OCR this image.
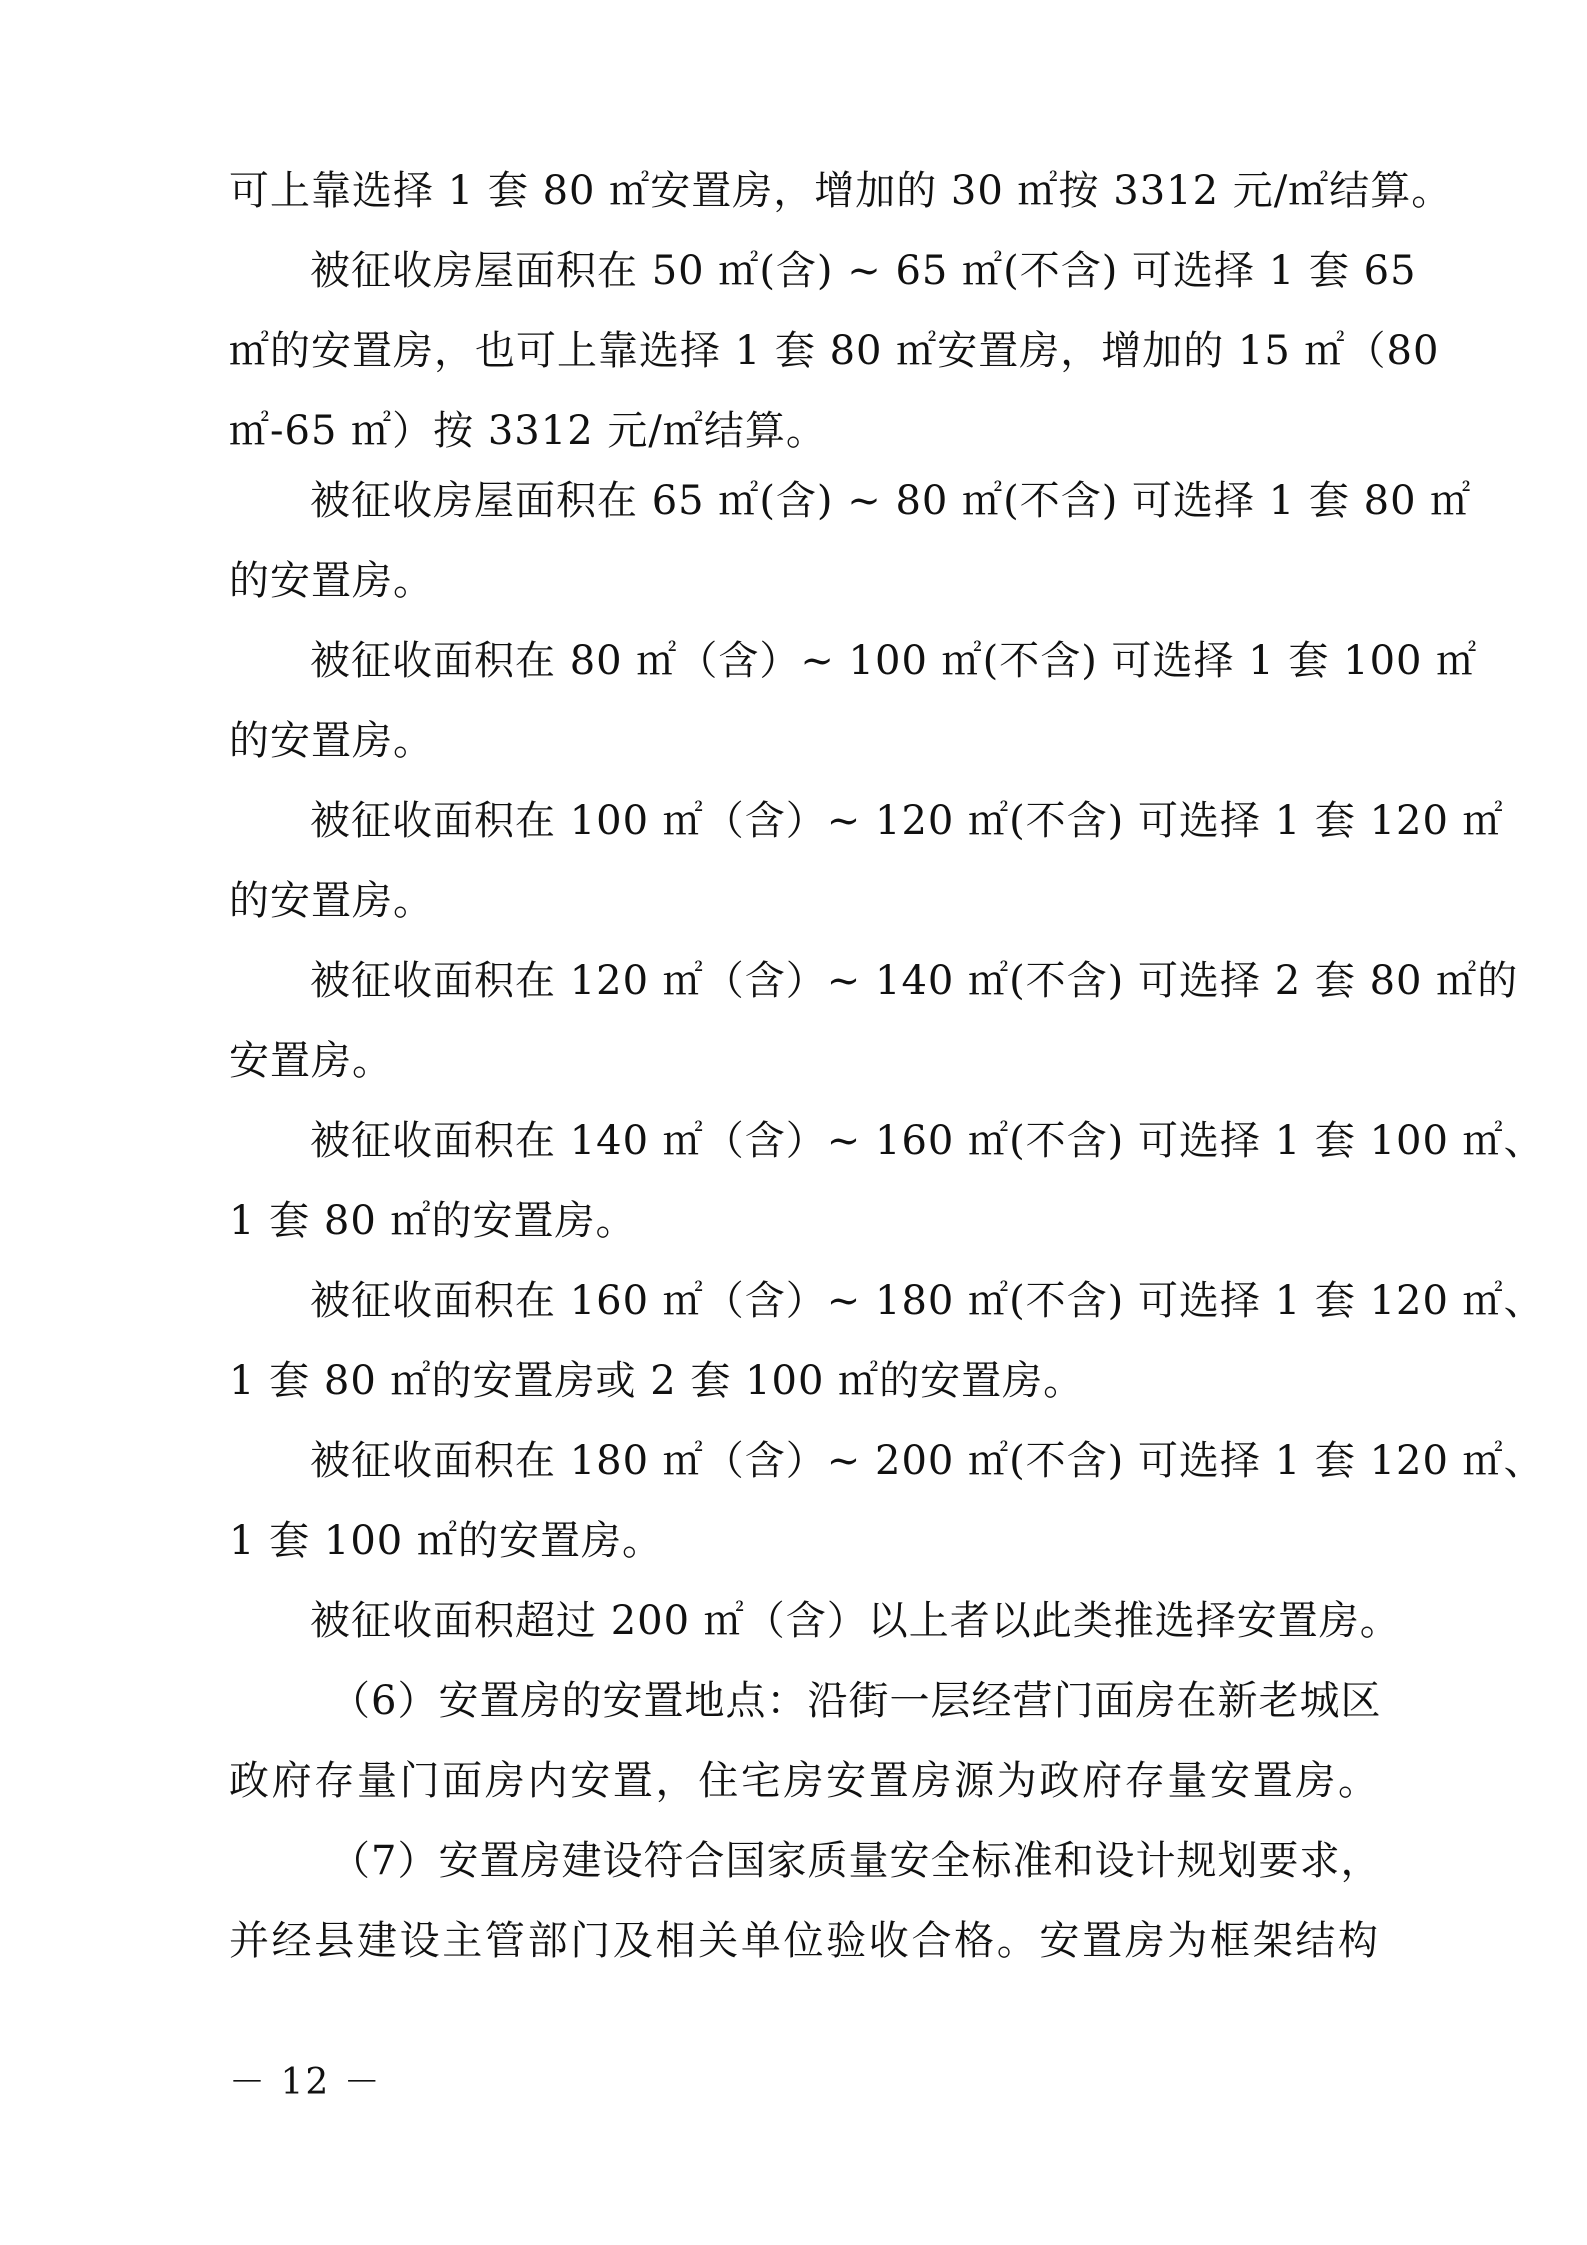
可上靠选择 1 套 80 ㎡安置房，增加的 30 ㎡按 3312 元/㎡结算。
被征收房屋面积在 50 ㎡(含) ~ 65 ㎡(不含) 可选择 1 套 65
㎡的安置房，也可上靠选择 1 套 80 ㎡安置房，增加的 15 ㎡（80
㎡-65 ㎡）按 3312 元/㎡结算。
被征收房屋面积在 65 ㎡(含) ~ 80 ㎡(不含) 可选择 1 套 80 ㎡
的安置房。
被征收面积在 80 ㎡（含）~ 100 ㎡(不含) 可选择 1 套 100 ㎡
的安置房。
被征收面积在 100 ㎡（含）~ 120 ㎡(不含) 可选择 1 套 120 ㎡
的安置房。
被征收面积在 120 ㎡（含）~ 140 ㎡(不含) 可选择 2 套 80 ㎡的
安置房。
被征收面积在 140 ㎡（含）~ 160 ㎡(不含) 可选择 1 套 100 ㎡、
1 套 80 ㎡的安置房。
被征收面积在 160 ㎡（含）~ 180 ㎡(不含) 可选择 1 套 120 ㎡、
1 套 80 ㎡的安置房或 2 套 100 ㎡的安置房。
被征收面积在 180 ㎡（含）~ 200 ㎡(不含) 可选择 1 套 120 ㎡、
1 套 100 ㎡的安置房。
被征收面积超过 200 ㎡（含）以上者以此类推选择安置房。
（6）安置房的安置地点：沿街一层经营门面房在新老城区
政府存量门面房内安置，住宅房安置房源为政府存量安置房。
（7）安置房建设符合国家质量安全标准和设计规划要求，
并经县建设主管部门及相关单位验收合格。安置房为框架结构
－ 12 －
